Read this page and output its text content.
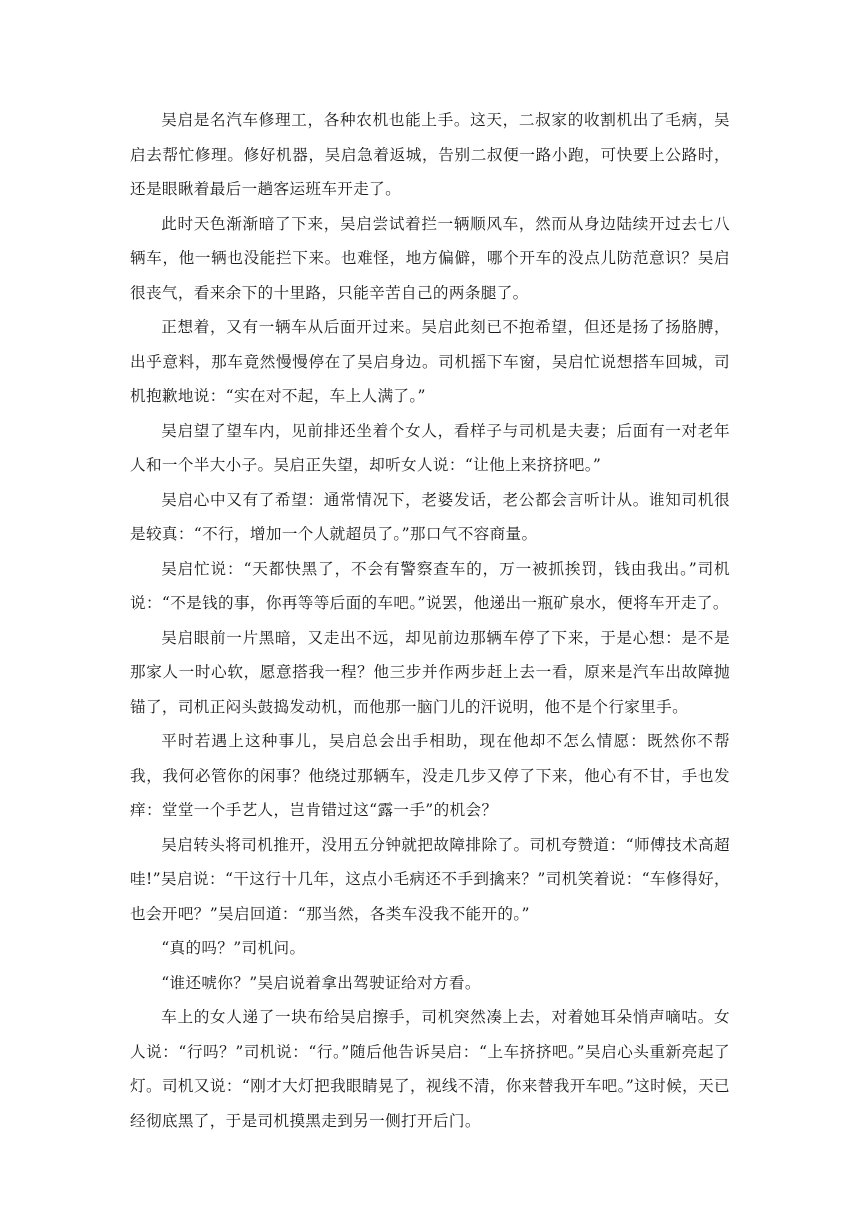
吴启是名汽车修理工，各种农机也能上手。这天，二叔家的收割机出了毛病，吴启去帮忙修理。修好机器，吴启急着返城，告别二叔便一路小跑，可快要上公路时，还是眼瞅着最后一趟客运班车开走了。

此时天色渐渐暗了下来，吴启尝试着拦一辆顺风车，然而从身边陆续开过去七八辆车，他一辆也没能拦下来。也难怪，地方偏僻，哪个开车的没点儿防范意识？吴启很丧气，看来余下的十里路，只能辛苦自己的两条腿了。

正想着，又有一辆车从后面开过来。吴启此刻已不抱希望，但还是扬了扬胳膊，出乎意料，那车竟然慢慢停在了吴启身边。司机摇下车窗，吴启忙说想搭车回城，司机抱歉地说：“实在对不起，车上人满了。”

吴启望了望车内，见前排还坐着个女人，看样子与司机是夫妻；后面有一对老年人和一个半大小子。吴启正失望，却听女人说：“让他上来挤挤吧。”

吴启心中又有了希望：通常情况下，老婆发话，老公都会言听计从。谁知司机很是较真：“不行，增加一个人就超员了。”那口气不容商量。

吴启忙说：“天都快黑了，不会有警察查车的，万一被抓挨罚，钱由我出。”司机说：“不是钱的事，你再等等后面的车吧。”说罢，他递出一瓶矿泉水，便将车开走了。

吴启眼前一片黑暗，又走出不远，却见前边那辆车停了下来，于是心想：是不是那家人一时心软，愿意搭我一程？他三步并作两步赶上去一看，原来是汽车出故障抛锚了，司机正闷头鼓捣发动机，而他那一脑门儿的汗说明，他不是个行家里手。

平时若遇上这种事儿，吴启总会出手相助，现在他却不怎么情愿：既然你不帮我，我何必管你的闲事？他绕过那辆车，没走几步又停了下来，他心有不甘，手也发痒：堂堂一个手艺人，岂肯错过这“露一手”的机会？

吴启转头将司机推开，没用五分钟就把故障排除了。司机夸赞道：“师傅技术高超哇!”吴启说：“干这行十几年，这点小毛病还不手到擒来？”司机笑着说：“车修得好，也会开吧？”吴启回道：“那当然，各类车没我不能开的。”

“真的吗？”司机问。

“谁还唬你？”吴启说着拿出驾驶证给对方看。

车上的女人递了一块布给吴启擦手，司机突然凑上去，对着她耳朵悄声嘀咕。女人说：“行吗？”司机说：“行。”随后他告诉吴启：“上车挤挤吧。”吴启心头重新亮起了灯。司机又说：“刚才大灯把我眼睛晃了，视线不清，你来替我开车吧。”这时候，天已经彻底黑了，于是司机摸黑走到另一侧打开后门。
